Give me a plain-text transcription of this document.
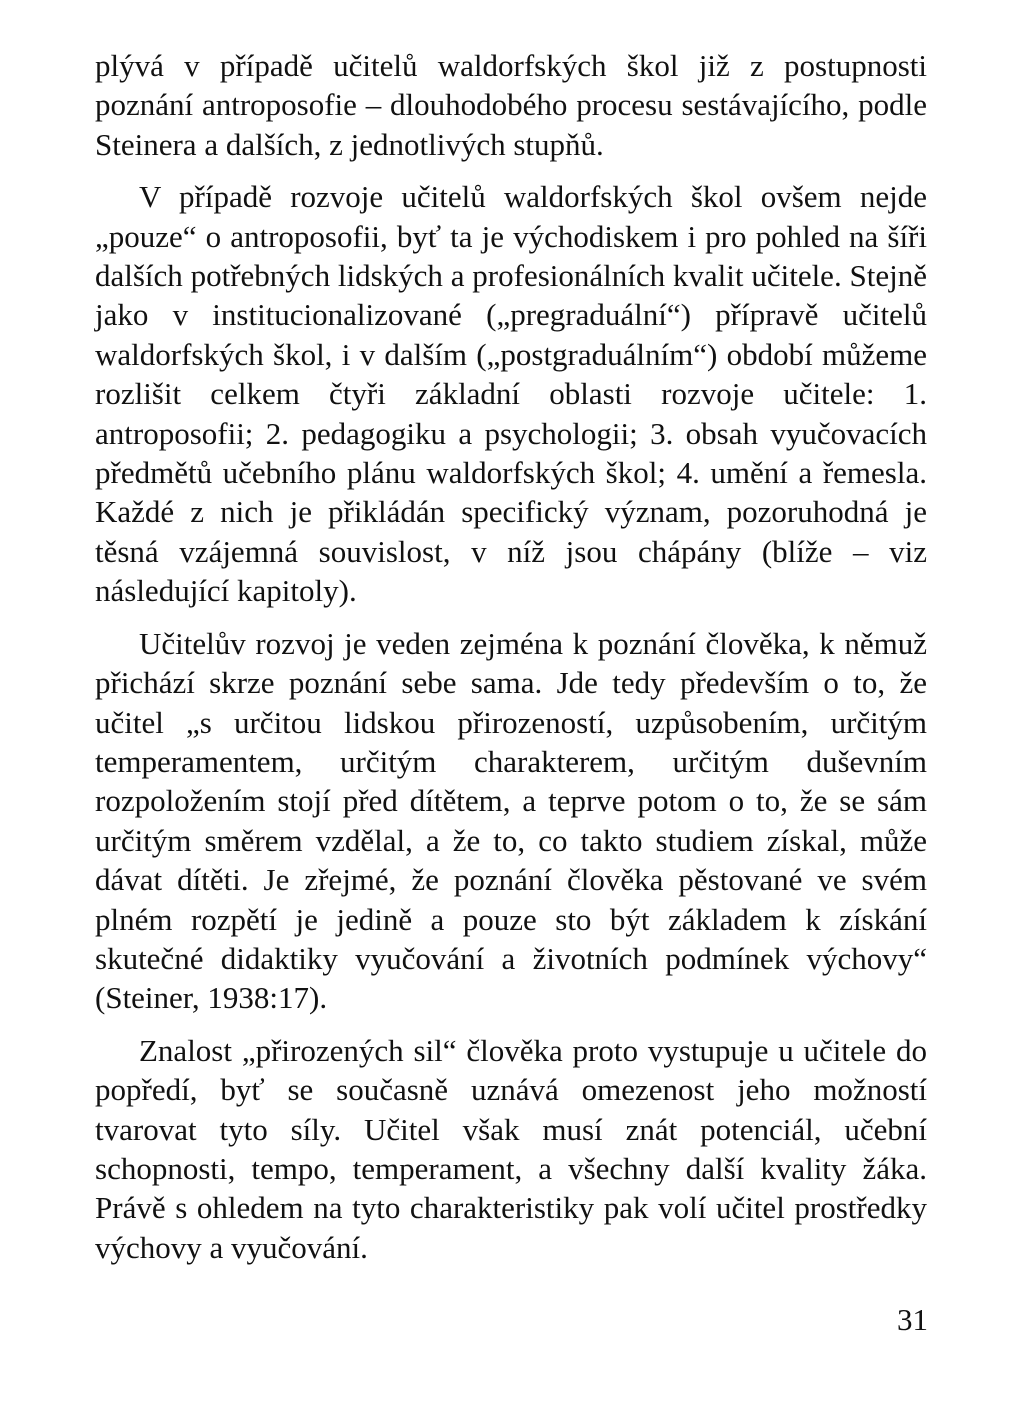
plývá v případě učitelů waldorfských škol již z postupnosti poznání antroposofie – dlouhodobého procesu sestávajícího, podle Steinera a dalších, z jednotlivých stupňů.

V případě rozvoje učitelů waldorfských škol ovšem nejde „pouze“ o antroposofii, byť ta je východiskem i pro pohled na šíři dalších potřebných lidských a profesionálních kvalit učitele. Stejně jako v institucionalizované („pregraduální“) přípravě učitelů waldorfských škol, i v dalším („postgraduálním“) období můžeme rozlišit celkem čtyři základní oblasti rozvoje učitele: 1. antroposofii; 2. pedagogiku a psychologii; 3. obsah vyučovacích předmětů učebního plánu waldorfských škol; 4. umění a řemesla. Každé z nich je přikládán specifický význam, pozoruhodná je těsná vzájemná souvislost, v níž jsou chápány (blíže – viz následující kapitoly).

Učitelův rozvoj je veden zejména k poznání člověka, k němuž přichází skrze poznání sebe sama. Jde tedy především o to, že učitel „s určitou lidskou přirozeností, uzpůsobením, určitým temperamentem, určitým charakterem, určitým duševním rozpoložením stojí před dítětem, a teprve potom o to, že se sám určitým směrem vzdělal, a že to, co takto studiem získal, může dávat dítěti. Je zřejmé, že poznání člověka pěstované ve svém plném rozpětí je jedině a pouze sto být základem k získání skutečné didaktiky vyučování a životních podmínek výchovy“ (Steiner, 1938:17).

Znalost „přirozených sil“ člověka proto vystupuje u učitele do popředí, byť se současně uznává omezenost jeho možností tvarovat tyto síly. Učitel však musí znát potenciál, učební schopnosti, tempo, temperament, a všechny další kvality žáka. Právě s ohledem na tyto charakteristiky pak volí učitel prostředky výchovy a vyučování.

31
